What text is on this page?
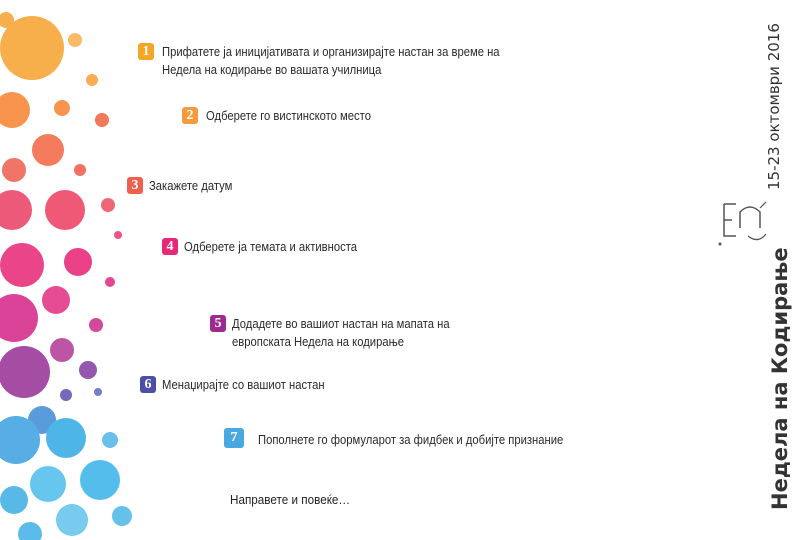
1	Прифатете ја иницијативата и организирајте настан за време на
Недела на кодирање во вашата училница
2	Одберете го вистинското место
3 Закажете датум
4 Одберете ја темата и активноста
5 Додадете во вашиот настан на мапата на
европската Недела на кодирање
6 Менаџирајте со вашиот настан
7	Пополнете го формуларот за фидбек и добијте признание
Направете и повеќе…
15-23 октомври 2016
Недела на Кодирање
